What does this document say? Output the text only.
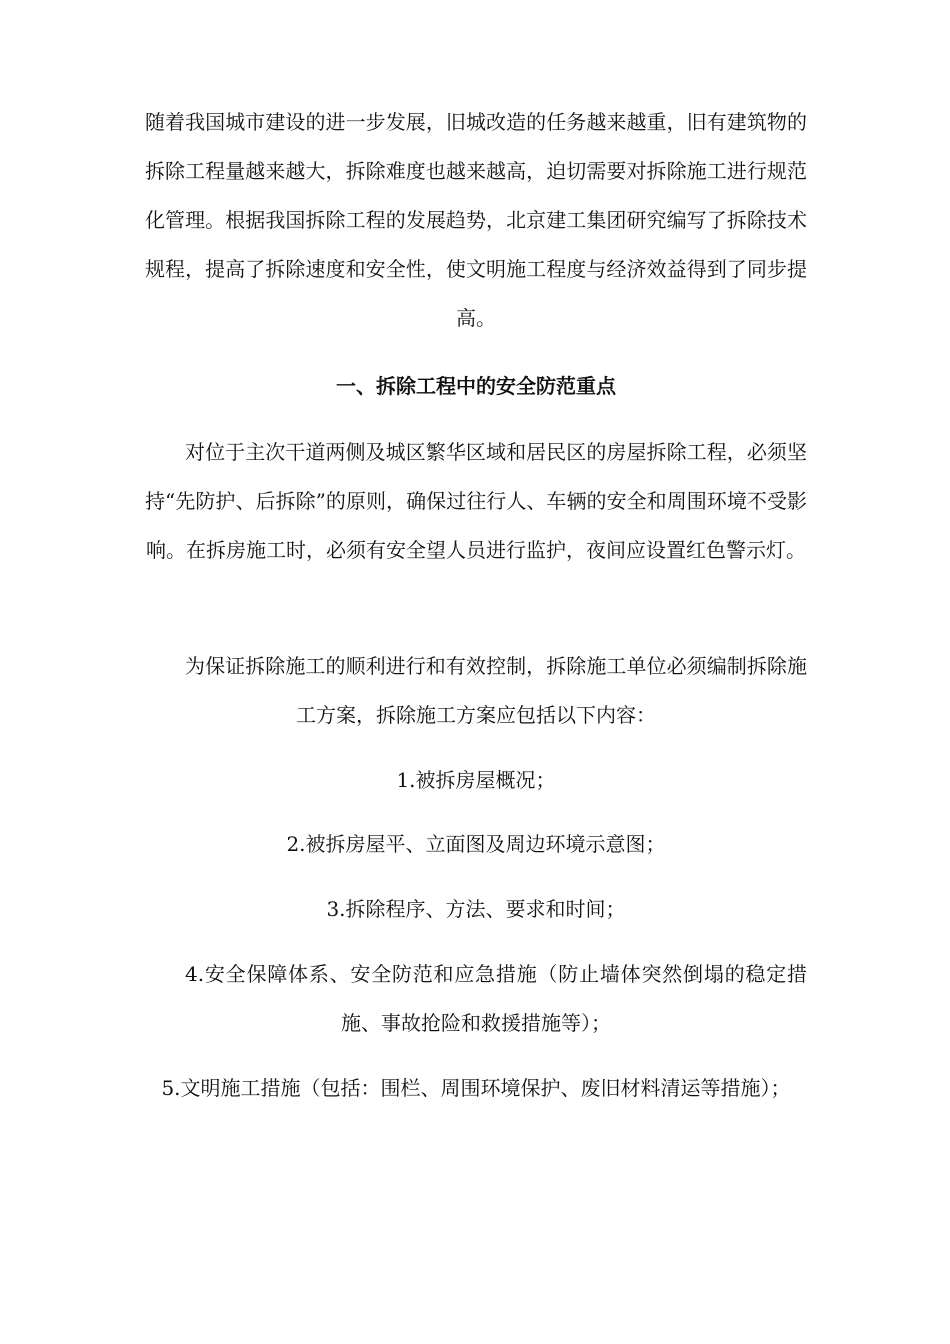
随着我国城市建设的进一步发展，旧城改造的任务越来越重，旧有建筑物的拆除工程量越来越大，拆除难度也越来越高，迫切需要对拆除施工进行规范化管理。根据我国拆除工程的发展趋势，北京建工集团研究编写了拆除技术规程，提高了拆除速度和安全性，使文明施工程度与经济效益得到了同步提高。

一、拆除工程中的安全防范重点

对位于主次干道两侧及城区繁华区域和居民区的房屋拆除工程，必须坚持“先防护、后拆除”的原则，确保过往行人、车辆的安全和周围环境不受影响。在拆房施工时，必须有安全望人员进行监护，夜间应设置红色警示灯。

为保证拆除施工的顺利进行和有效控制，拆除施工单位必须编制拆除施工方案，拆除施工方案应包括以下内容：

1.被拆房屋概况；

2.被拆房屋平、立面图及周边环境示意图；

3.拆除程序、方法、要求和时间；

4.安全保障体系、安全防范和应急措施（防止墙体突然倒塌的稳定措施、事故抢险和救援措施等）；

5.文明施工措施（包括：围栏、周围环境保护、废旧材料清运等措施）；
